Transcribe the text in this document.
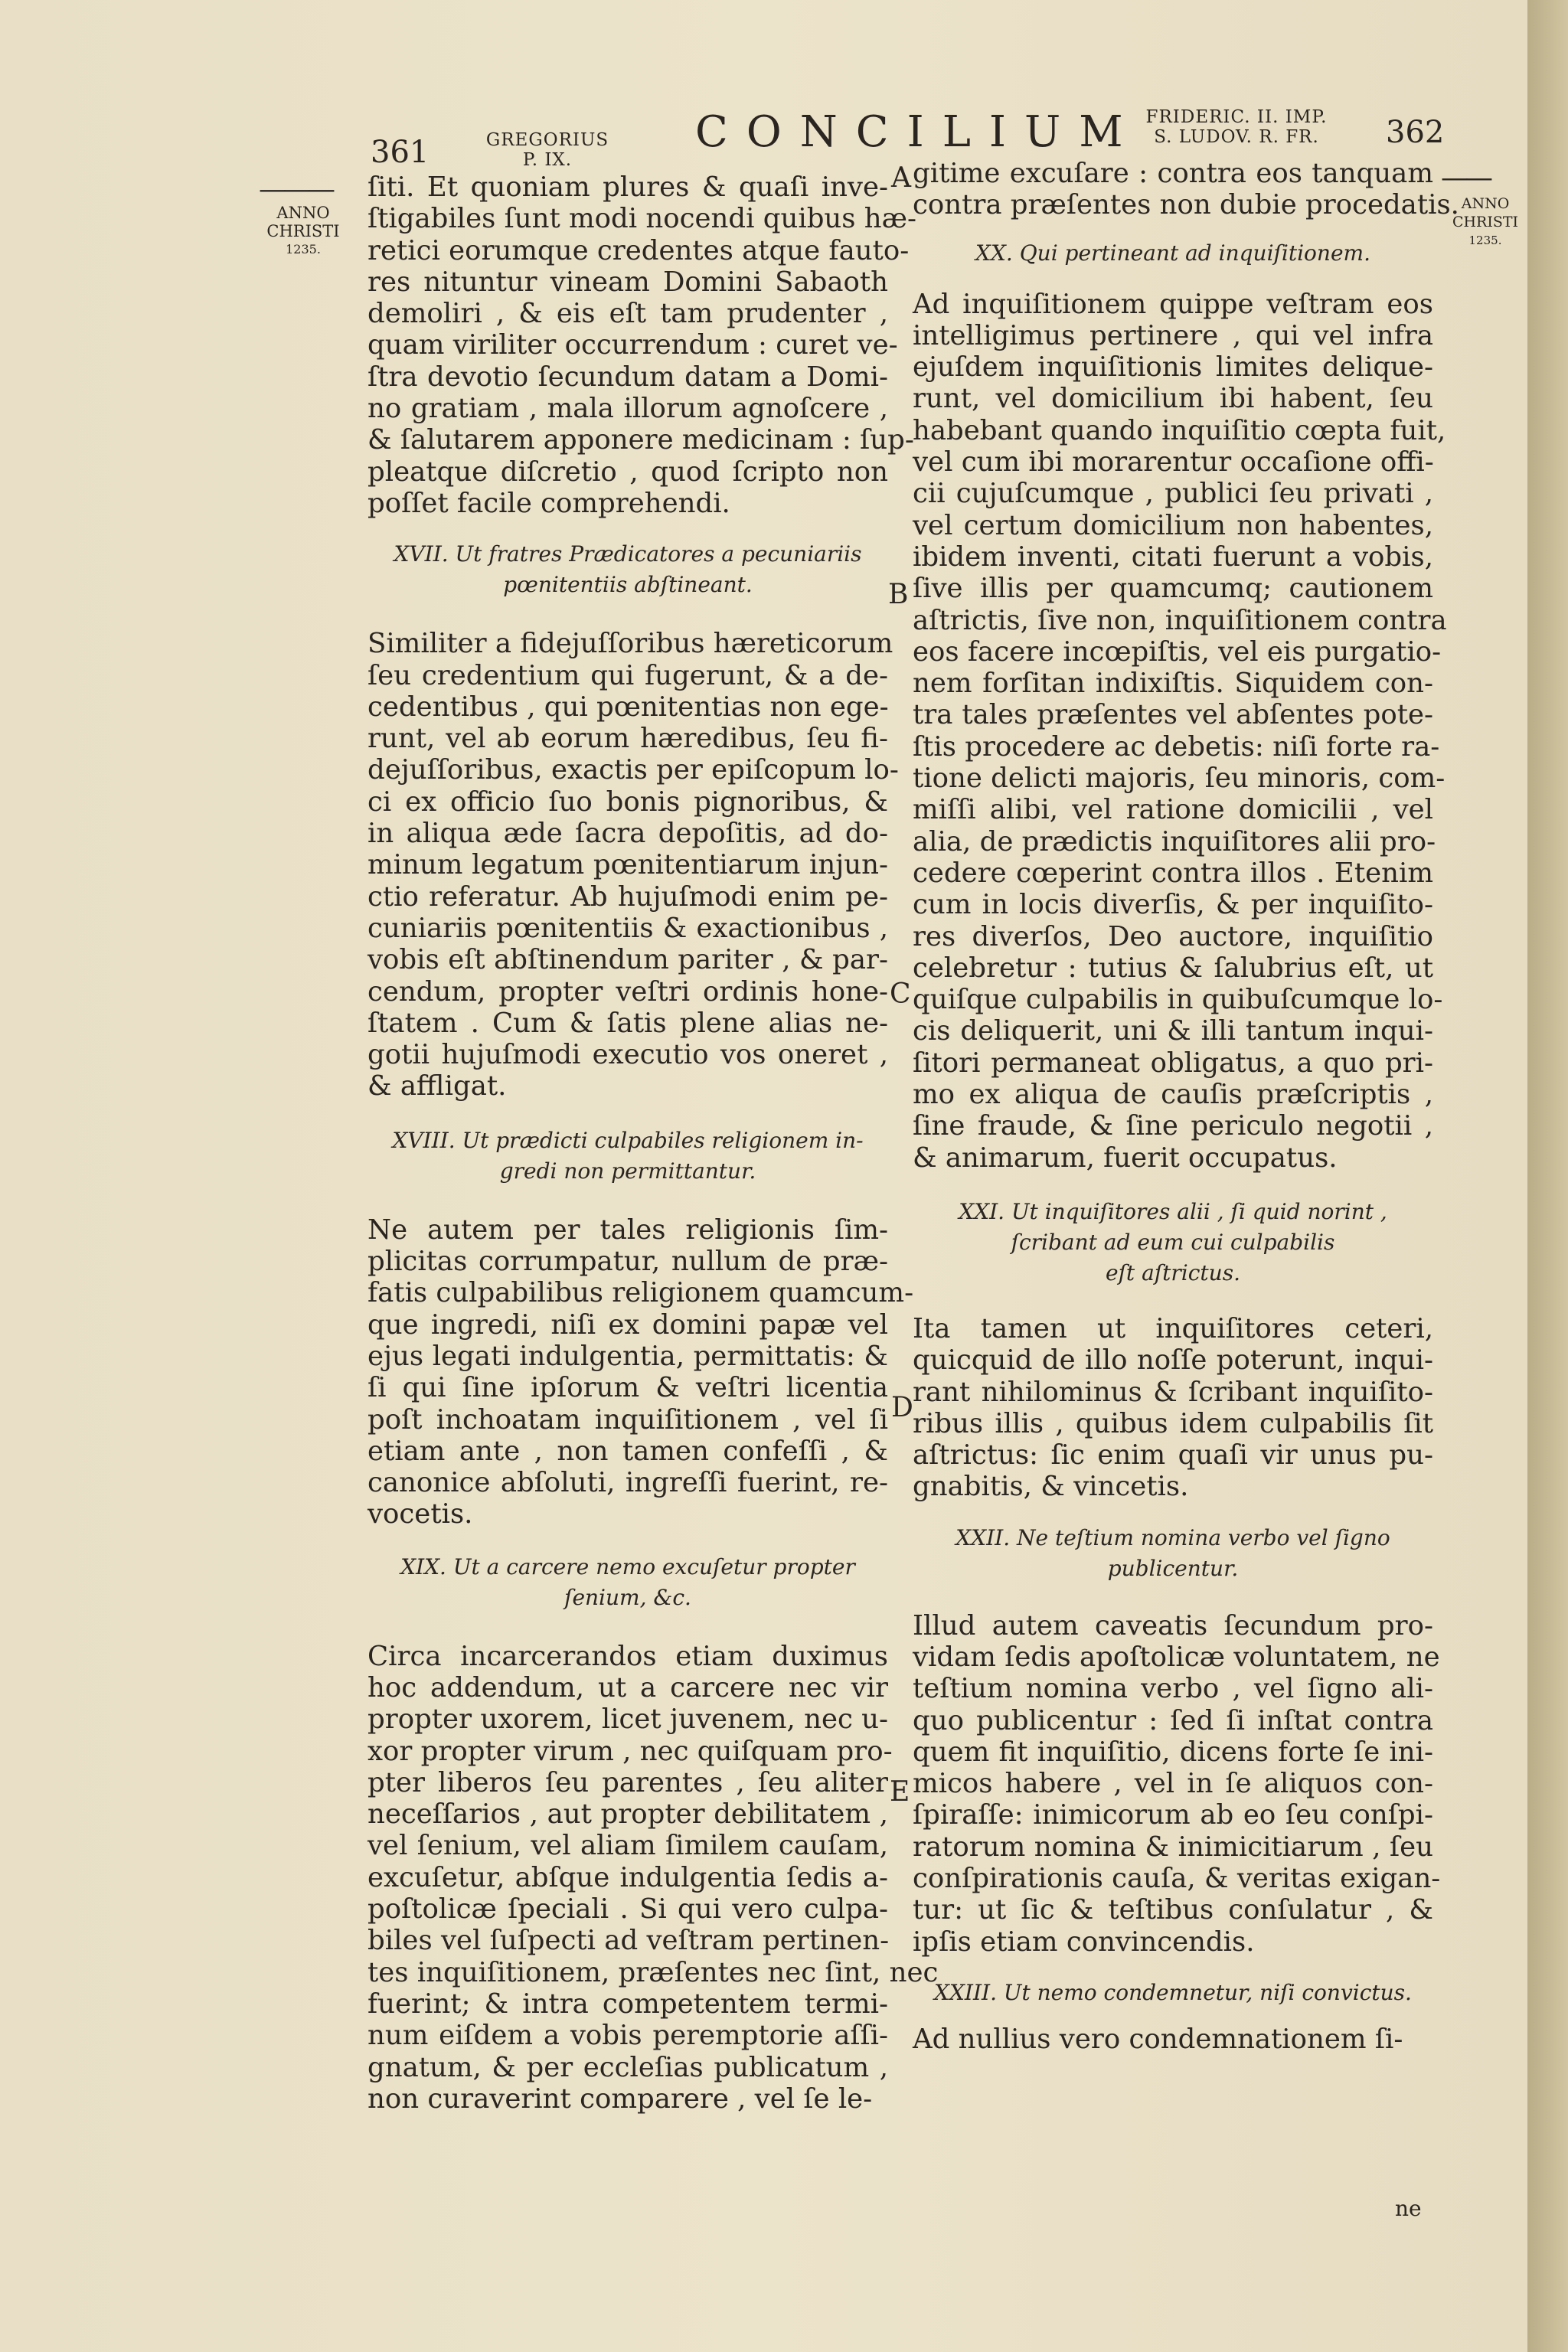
361	GREGORIUS
P. IX.
CONCILIUM FRIDERIC. II. IMP.
S. LUDOV. R. FR.	362
———
ANNO
CHRISTI
1235.
——
ANNO
CHRISTI
1235.
A
B
C
D
E
ſiti. Et quoniam plures & quaſi inve-
ſtigabiles ſunt modi nocendi quibus hæ-
retici eorumque credentes atque fauto-
res nituntur vineam Domini Sabaoth
demoliri , & eis eſt tam prudenter ,
quam viriliter occurrendum : curet ve-
ſtra devotio ſecundum datam a Domi-
no gratiam , mala illorum agnoſcere ,
& ſalutarem apponere medicinam : ſup-
pleatque diſcretio , quod ſcripto non
poſſet facile comprehendi.
XVII. Ut fratres Prædicatores a pecuniariis
pœnitentiis abſtineant.
Similiter a fidejuſſoribus hæreticorum
ſeu credentium qui fugerunt, & a de-
cedentibus , qui pœnitentias non ege-
runt, vel ab eorum hæredibus, ſeu fi-
dejuſſoribus, exactis per epiſcopum lo-
ci ex officio ſuo bonis pignoribus, &
in aliqua æde ſacra depoſitis, ad do-
minum legatum pœnitentiarum injun-
ctio referatur. Ab hujuſmodi enim pe-
cuniariis pœnitentiis & exactionibus ,
vobis eſt abſtinendum pariter , & par-
cendum, propter veſtri ordinis hone-
ſtatem . Cum & ſatis plene alias ne-
gotii hujuſmodi executio vos oneret ,
& affligat.
XVIII. Ut prædicti culpabiles religionem in-
gredi non permittantur.
Ne autem per tales religionis ſim-
plicitas corrumpatur, nullum de præ-
fatis culpabilibus religionem quamcum-
que ingredi, niſi ex domini papæ vel
ejus legati indulgentia, permittatis: &
ſi qui ſine ipſorum & veſtri licentia
poſt inchoatam inquiſitionem , vel ſi
etiam ante , non tamen confeſſi , &
canonice abſoluti, ingreſſi fuerint, re-
vocetis.
XIX. Ut a carcere nemo excuſetur propter
ſenium, &c.
Circa incarcerandos etiam duximus
hoc addendum, ut a carcere nec vir
propter uxorem, licet juvenem, nec u-
xor propter virum , nec quiſquam pro-
pter liberos ſeu parentes , ſeu aliter
neceſſarios , aut propter debilitatem ,
vel ſenium, vel aliam ſimilem cauſam,
excuſetur, abſque indulgentia ſedis a-
poſtolicæ ſpeciali . Si qui vero culpa-
biles vel ſuſpecti ad veſtram pertinen-
tes inquiſitionem, præſentes nec ſint, nec
fuerint; & intra competentem termi-
num eiſdem a vobis peremptorie aſſi-
gnatum, & per eccleſias publicatum ,
non curaverint comparere , vel ſe le-
gitime excuſare : contra eos tanquam
contra præſentes non dubie procedatis.
XX. Qui pertineant ad inquiſitionem.
Ad inquiſitionem quippe veſtram eos
intelligimus pertinere , qui vel infra
ejuſdem inquiſitionis limites delique-
runt, vel domicilium ibi habent, ſeu
habebant quando inquiſitio cœpta fuit,
vel cum ibi morarentur occaſione offi-
cii cujuſcumque , publici ſeu privati ,
vel certum domicilium non habentes,
ibidem inventi, citati fuerunt a vobis,
ſive illis per quamcumq; cautionem
aſtrictis, ſive non, inquiſitionem contra
eos facere incœpiſtis, vel eis purgatio-
nem forſitan indixiſtis. Siquidem con-
tra tales præſentes vel abſentes pote-
ſtis procedere ac debetis: niſi forte ra-
tione delicti majoris, ſeu minoris, com-
miſſi alibi, vel ratione domicilii , vel
alia, de prædictis inquiſitores alii pro-
cedere cœperint contra illos . Etenim
cum in locis diverſis, & per inquiſito-
res diverſos, Deo auctore, inquiſitio
celebretur : tutius & ſalubrius eſt, ut
quiſque culpabilis in quibuſcumque lo-
cis deliquerit, uni & illi tantum inqui-
ſitori permaneat obligatus, a quo pri-
mo ex aliqua de cauſis præſcriptis ,
ſine fraude, & ſine periculo negotii ,
& animarum, fuerit occupatus.
XXI. Ut inquiſitores alii , ſi quid norint ,
ſcribant ad eum cui culpabilis
eſt aſtrictus.
Ita tamen ut inquiſitores ceteri,
quicquid de illo noſſe poterunt, inqui-
rant nihilominus & ſcribant inquiſito-
ribus illis , quibus idem culpabilis ſit
aſtrictus: ſic enim quaſi vir unus pu-
gnabitis, & vincetis.
XXII. Ne teſtium nomina verbo vel ſigno
publicentur.
Illud autem caveatis ſecundum pro-
vidam ſedis apoſtolicæ voluntatem, ne
teſtium nomina verbo , vel ſigno ali-
quo publicentur : ſed ſi inſtat contra
quem fit inquiſitio, dicens forte ſe ini-
micos habere , vel in ſe aliquos con-
ſpiraſſe: inimicorum ab eo ſeu conſpi-
ratorum nomina & inimicitiarum , ſeu
conſpirationis cauſa, & veritas exigan-
tur: ut ſic & teſtibus conſulatur , &
ipſis etiam convincendis.
XXIII. Ut nemo condemnetur, niſi convictus.
Ad nullius vero condemnationem ſi-
ne
